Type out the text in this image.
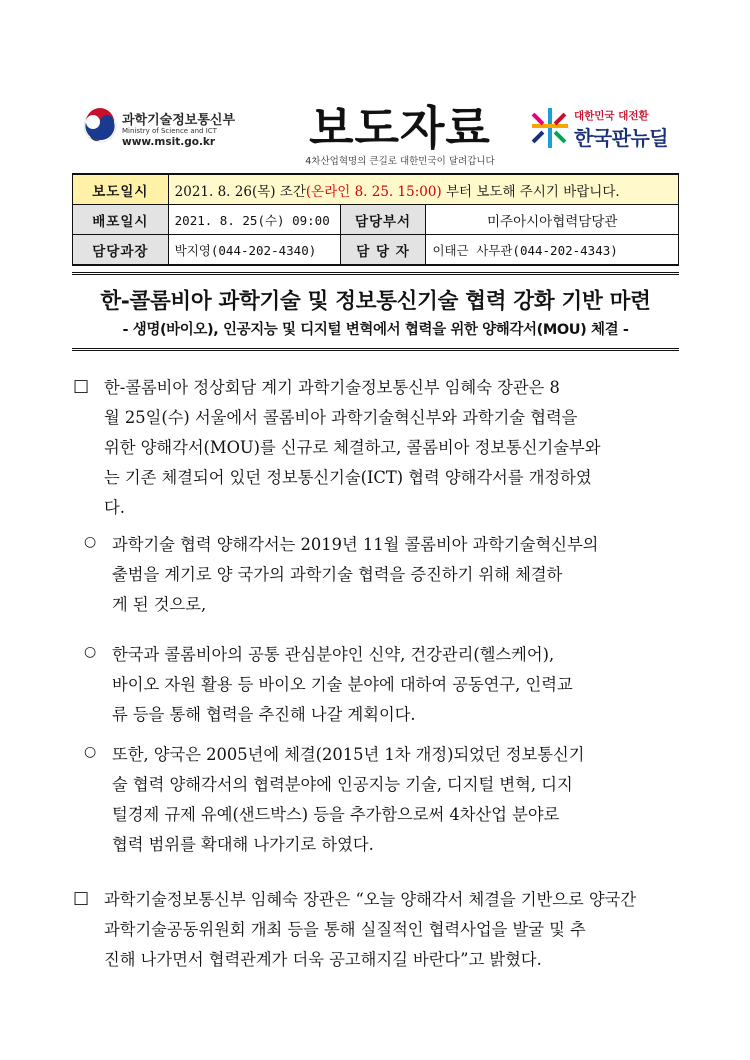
과학기술정보통신부
Ministry of Science and ICT
www.msit.go.kr 보도자료
4차산업혁명의 큰길로 대한민국이 달려갑니다
대한민국 대전환
한국판뉴딜
보도일시	2021. 8. 26(목) 조간(온라인 8. 25. 15:00) 부터 보도해 주시기 바랍니다.		
배포일시	2021. 8. 25(수) 09:00	담당부서	미주아시아협력담당관
담당과장	박지영(044-202-4340)	담 당 자	이태근 사무관(044-202-4343)
한-콜롬비아 과학기술 및 정보통신기술 협력 강화 기반 마련
- 생명(바이오), 인공지능 및 디지털 변혁에서 협력을 위한 양해각서(MOU) 체결 -
□ 한-콜롬비아 정상회담 계기 과학기술정보통신부 임혜숙 장관은 8
월 25일(수) 서울에서 콜롬비아 과학기술혁신부와 과학기술 협력을
위한 양해각서(MOU)를 신규로 체결하고, 콜롬비아 정보통신기술부와
는 기존 체결되어 있던 정보통신기술(ICT) 협력 양해각서를 개정하였
다.
○ 과학기술 협력 양해각서는 2019년 11월 콜롬비아 과학기술혁신부의
출범을 계기로 양 국가의 과학기술 협력을 증진하기 위해 체결하
게 된 것으로,
○ 한국과 콜롬비아의 공통 관심분야인 신약, 건강관리(헬스케어),
바이오 자원 활용 등 바이오 기술 분야에 대하여 공동연구, 인력교
류 등을 통해 협력을 추진해 나갈 계획이다.
○ 또한, 양국은 2005년에 체결(2015년 1차 개정)되었던 정보통신기
술 협력 양해각서의 협력분야에 인공지능 기술, 디지털 변혁, 디지
털경제 규제 유예(샌드박스) 등을 추가함으로써 4차산업 분야로
협력 범위를 확대해 나가기로 하였다.
□ 과학기술정보통신부 임혜숙 장관은 “오늘 양해각서 체결을 기반으로 양국간
과학기술공동위원회 개최 등을 통해 실질적인 협력사업을 발굴 및 추
진해 나가면서 협력관계가 더욱 공고해지길 바란다”고 밝혔다.
